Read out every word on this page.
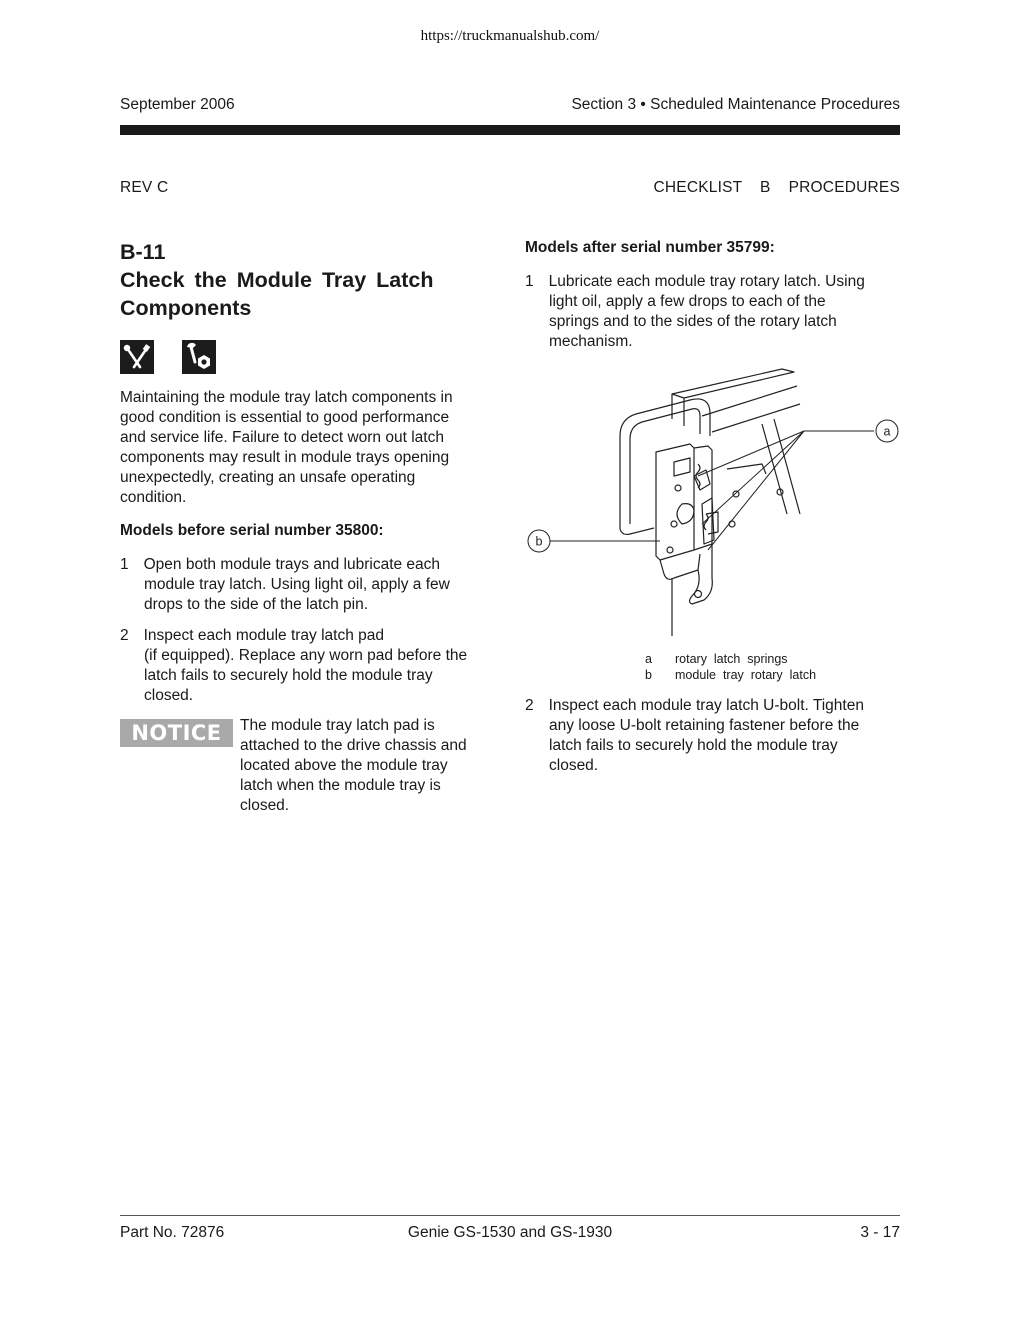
https://truckmanualshub.com/
September 2006	Section 3 • Scheduled Maintenance Procedures
REV C	CHECKLIST    B    PROCEDURES
B-11
Check the Module Tray Latch
Components
Maintaining the module tray latch components in
good condition is essential to good performance
and service life. Failure to detect worn out latch
components may result in module trays opening
unexpectedly, creating an unsafe operating
condition.
Models before serial number 35800:
1 Open both module trays and lubricate each
module tray latch. Using light oil, apply a few
drops to the side of the latch pin.
2 Inspect each module tray latch pad
(if equipped). Replace any worn pad before the
latch fails to securely hold the module tray
closed.
NOTICE	The module tray latch pad is
attached to the drive chassis and
located above the module tray
latch when the module tray is
closed.
Models after serial number 35799:
1 Lubricate each module tray rotary latch. Using
light oil, apply a few drops to each of the
springs and to the sides of the rotary latch
mechanism.
a
b
a rotary  latch  springs
b module  tray  rotary  latch
2 Inspect each module tray latch U-bolt. Tighten
any loose U-bolt retaining fastener before the
latch fails to securely hold the module tray
closed.
Part No. 72876	Genie GS-1530 and GS-1930	3 - 17
